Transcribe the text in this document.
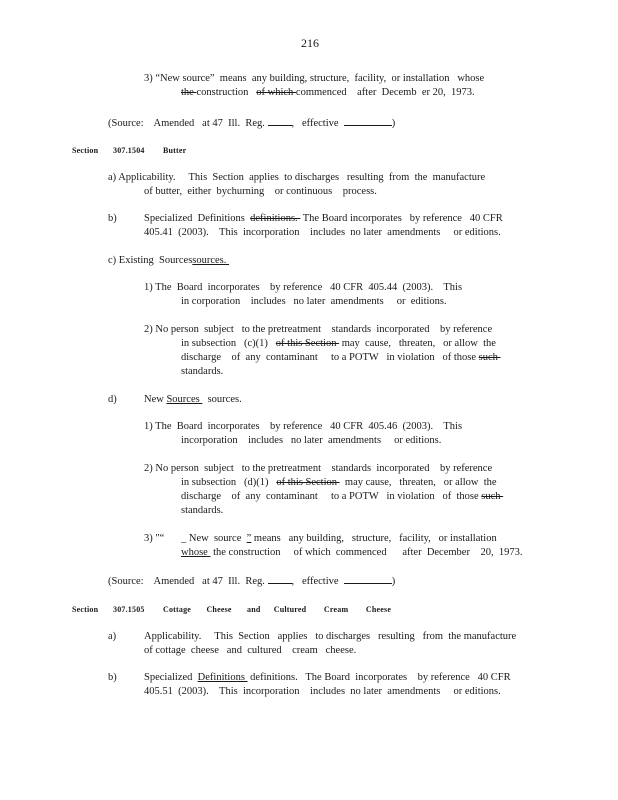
216
3) “New source”  means  any building, structure,  facility,  or installation   whose
the construction   of which commenced    after  Decemb  er 20,  1973.
(Source:    Amended   at 47  Ill.  Reg. ,   effective	)
Section 307.1504 Butter
a) Applicability.     This  Section  applies  to discharges   resulting  from  the  manufacture
of butter,  either  bychurning    or continuous    process.
b)	Specialized  Definitions  definitions.  The Board incorporates   by reference   40 CFR
405.41  (2003).    This  incorporation    includes  no later  amendments     or editions.
c) Existing  Sourcessources.
1) The  Board  incorporates    by reference   40 CFR  405.44  (2003).    This
in corporation    includes   no later  amendments     or  editions.
2) No person  subject   to the pretreatment    standards  incorporated    by reference
in subsection   (c)(1)   of this Section  may  cause,   threaten,   or allow  the
discharge    of  any  contaminant     to a POTW   in violation   of those such
standards.
d)	New Sources   sources.
1) The  Board  incorporates    by reference   40 CFR  405.46  (2003).    This
incorporation    includes   no later  amendments     or editions.
2) No person  subject   to the pretreatment    standards  incorporated    by reference
in subsection   (d)(1)   of this Section   may cause,   threaten,   or allow  the
discharge    of  any  contaminant     to a POTW   in violation   of  those such
standards.
3) "“ _ New  source  ” means   any building,   structure,   facility,   or installation
whose  the construction     of which  commenced      after  December    20,  1973.
(Source:    Amended   at 47  Ill.  Reg. ,   effective	)
Section 307.1505 Cottage       Cheese       and      Cultured        Cream        Cheese
a)	Applicability.     This  Section   applies   to discharges   resulting   from  the manufacture
of cottage  cheese   and  cultured    cream   cheese.
b)	Specialized  Definitions  definitions.   The Board  incorporates    by reference   40 CFR
405.51  (2003).    This  incorporation    includes  no later  amendments     or editions.
